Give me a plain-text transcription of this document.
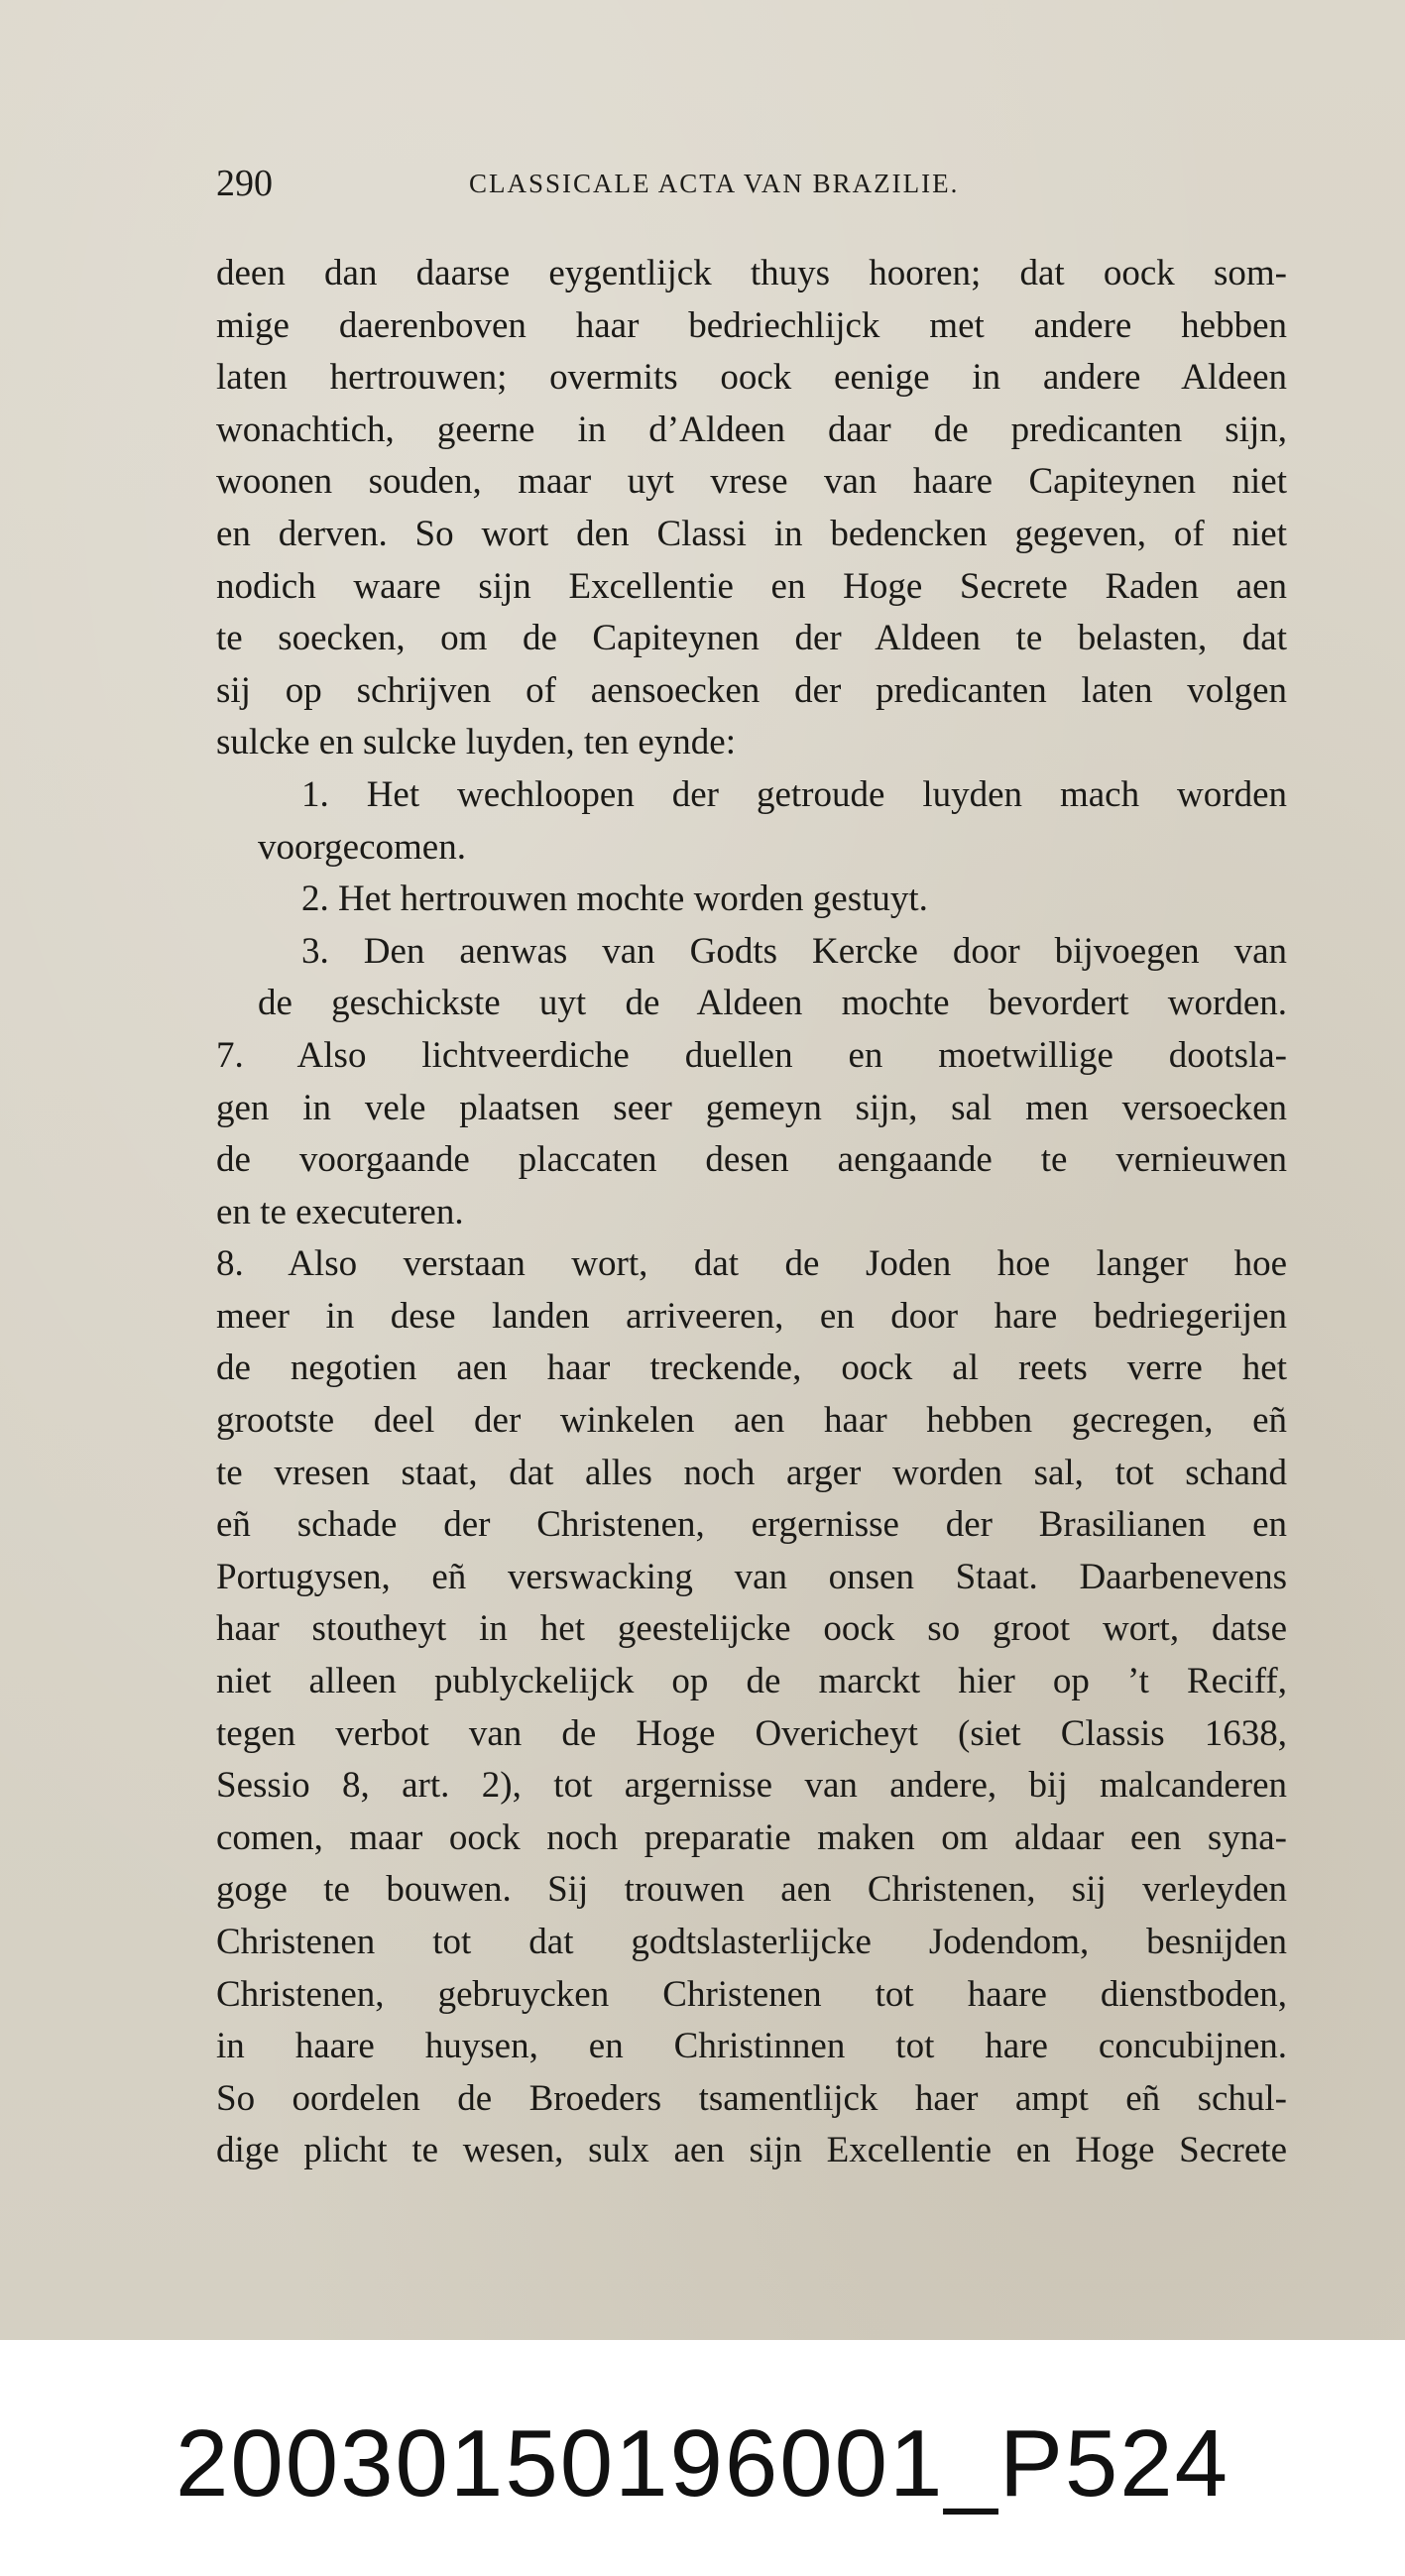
290	CLASSICALE ACTA VAN BRAZILIE.
deen dan daarse eygentlijck thuys hooren; dat oock som-
mige daerenboven haar bedriechlijck met andere hebben
laten hertrouwen; overmits oock eenige in andere Aldeen
wonachtich, geerne in d’Aldeen daar de predicanten sijn,
woonen souden, maar uyt vrese van haare Capiteynen niet
en derven. So wort den Classi in bedencken gegeven, of niet
nodich waare sijn Excellentie en Hoge Secrete Raden aen
te soecken, om de Capiteynen der Aldeen te belasten, dat
sij op schrijven of aensoecken der predicanten laten volgen
sulcke en sulcke luyden, ten eynde:
1. Het wechloopen der getroude luyden mach worden
voorgecomen.
2. Het hertrouwen mochte worden gestuyt.
3. Den aenwas van Godts Kercke door bijvoegen van
de geschickste uyt de Aldeen mochte bevordert worden.
7. Also lichtveerdiche duellen en moetwillige dootsla-
gen in vele plaatsen seer gemeyn sijn, sal men versoecken
de voorgaande placcaten desen aengaande te vernieuwen
en te executeren.
8. Also verstaan wort, dat de Joden hoe langer hoe
meer in dese landen arriveeren, en door hare bedriegerijen
de negotien aen haar treckende, oock al reets verre het
grootste deel der winkelen aen haar hebben gecregen, eñ
te vresen staat, dat alles noch arger worden sal, tot schand
eñ schade der Christenen, ergernisse der Brasilianen en
Portugysen, eñ verswacking van onsen Staat. Daarbenevens
haar stoutheyt in het geestelijcke oock so groot wort, datse
niet alleen publyckelijck op de marckt hier op ’t Reciff,
tegen verbot van de Hoge Overicheyt (siet Classis 1638,
Sessio 8, art. 2), tot argernisse van andere, bij malcanderen
comen, maar oock noch preparatie maken om aldaar een syna-
goge te bouwen. Sij trouwen aen Christenen, sij verleyden
Christenen tot dat godtslasterlijcke Jodendom, besnijden
Christenen, gebruycken Christenen tot haare dienstboden,
in haare huysen, en Christinnen tot hare concubijnen.
So oordelen de Broeders tsamentlijck haer ampt eñ schul-
dige plicht te wesen, sulx aen sijn Excellentie en Hoge Secrete
20030150196001_P524
